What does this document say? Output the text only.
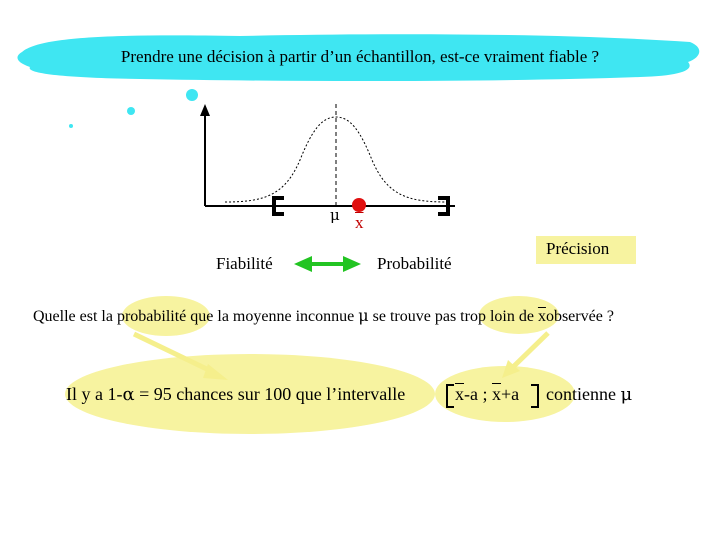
Prendre une décision à partir d’un échantillon, est-ce vraiment fiable ?
μ $\overline{x}$
Fiabilité	Probabilité
Précision
Quelle est la probabilité que la moyenne inconnue μ se trouve pas trop loin de $\overline{x}observée$ ?
Il y a 1-α = 95 chances sur 100 que l’intervalle	$\overline{x}-a$ ; $\overline{x}+a$ contienne μ
